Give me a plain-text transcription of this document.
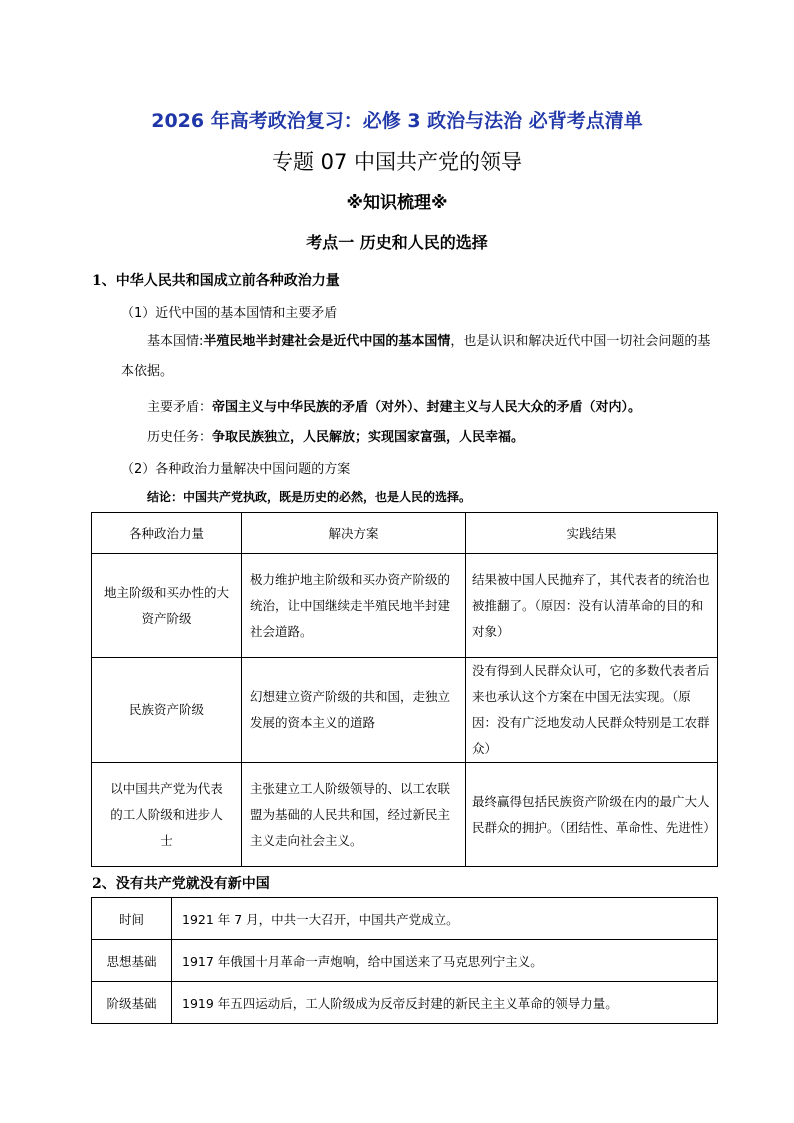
2026 年高考政治复习：必修 3 政治与法治 必背考点清单
专题 07 中国共产党的领导
※知识梳理※
考点一 历史和人民的选择
1、中华人民共和国成立前各种政治力量
（1）近代中国的基本国情和主要矛盾
基本国情:半殖民地半封建社会是近代中国的基本国情，也是认识和解决近代中国一切社会问题的基本依据。
主要矛盾：帝国主义与中华民族的矛盾（对外）、封建主义与人民大众的矛盾（对内）。
历史任务：争取民族独立，人民解放；实现国家富强，人民幸福。
（2）各种政治力量解决中国问题的方案
结论：中国共产党执政，既是历史的必然，也是人民的选择。
各种政治力量	解决方案	实践结果
地主阶级和买办性的大资产阶级	极力维护地主阶级和买办资产阶级的统治，让中国继续走半殖民地半封建社会道路。	结果被中国人民抛弃了，其代表者的统治也被推翻了。（原因：没有认清革命的目的和对象）
民族资产阶级	幻想建立资产阶级的共和国，走独立发展的资本主义的道路	没有得到人民群众认可，它的多数代表者后来也承认这个方案在中国无法实现。（原因：没有广泛地发动人民群众特别是工农群众）
以中国共产党为代表的工人阶级和进步人士	主张建立工人阶级领导的、以工农联盟为基础的人民共和国，经过新民主主义走向社会主义。	最终赢得包括民族资产阶级在内的最广大人民群众的拥护。（团结性、革命性、先进性）
2、没有共产党就没有新中国
时间	1921 年 7 月，中共一大召开，中国共产党成立。
思想基础	1917 年俄国十月革命一声炮响，给中国送来了马克思列宁主义。
阶级基础	1919 年五四运动后，工人阶级成为反帝反封建的新民主主义革命的领导力量。
